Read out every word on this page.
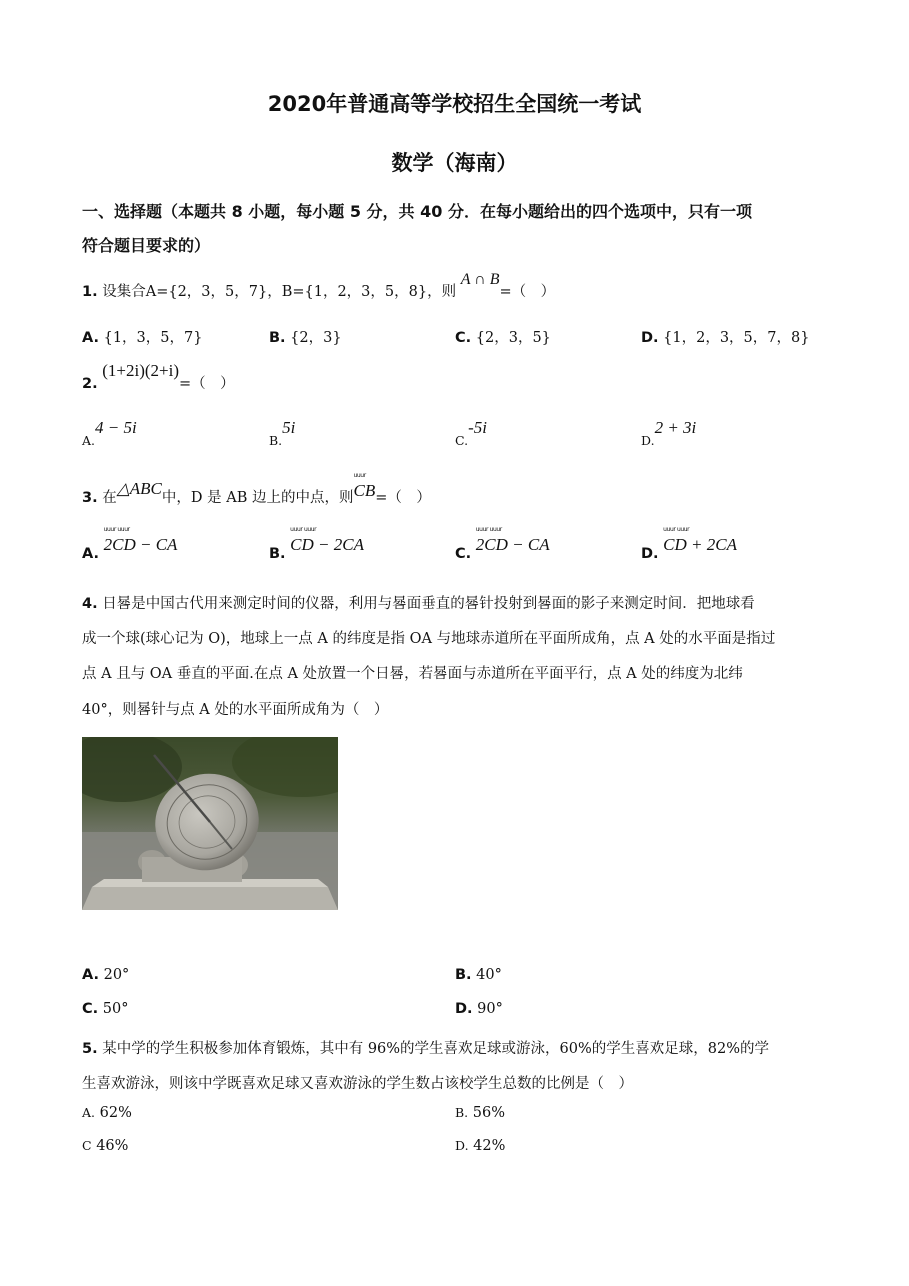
2020年普通高等学校招生全国统一考试
数学（海南）
一、选择题（本题共 8 小题，每小题 5 分，共 40 分．在每小题给出的四个选项中，只有一项
符合题目要求的）
1. 设集合A={2，3，5，7}，B={1，2，3，5，8}，则 A ∩ B=（　）
A. {1，3，5，7}	B. {2，3}	C. {2，3，5}	D. {1，2，3，5，7，8}
2. (1+2i)(2+i)=（　）
A.4 − 5i
B.5i
C.-5i
D.2 + 3i
3. 在△ABC中，D 是 AB 边上的中点，则
uuur
CB=（　）
A.
uuur uuur
2CD − CA	B.
uuur uuur
CD − 2CA	C.
uuur uuur
2CD − CA	D.
uuur uuur
CD + 2CA
4. 日晷是中国古代用来测定时间的仪器，利用与晷面垂直的晷针投射到晷面的影子来测定时间．把地球看
成一个球(球心记为 O)，地球上一点 A 的纬度是指 OA 与地球赤道所在平面所成角，点 A 处的水平面是指过
点 A 且与 OA 垂直的平面.在点 A 处放置一个日晷，若晷面与赤道所在平面平行，点 A 处的纬度为北纬
40°，则晷针与点 A 处的水平面所成角为（　）
A. 20°	B. 40°
C. 50°	D. 90°
5. 某中学的学生积极参加体育锻炼，其中有 96%的学生喜欢足球或游泳，60%的学生喜欢足球，82%的学
生喜欢游泳，则该中学既喜欢足球又喜欢游泳的学生数占该校学生总数的比例是（　）
A. 62%	B. 56%
C 46%	D. 42%
